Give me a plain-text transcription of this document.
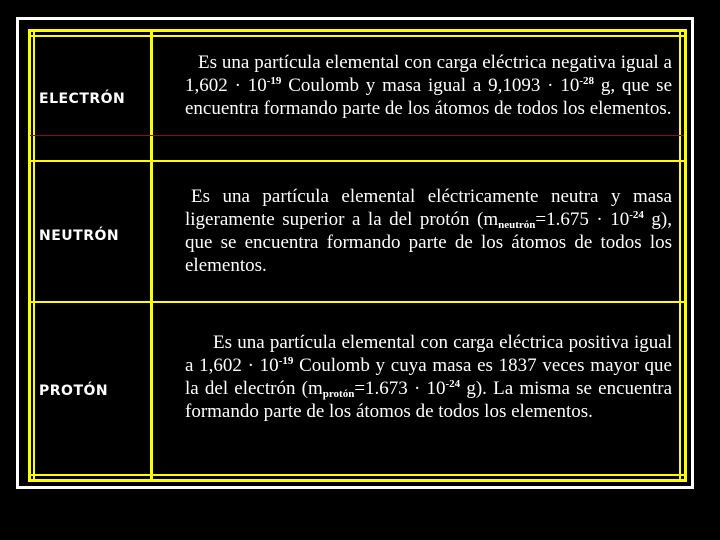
ELECTRÓN
Es una partícula elemental con carga eléctrica negativa igual a $1,602 \cdot 10^{-19}$ Coulomb y masa igual a $9,1093 \cdot 10^{-28}$ g, que se encuentra formando parte de los átomos de todos los elementos.
NEUTRÓN
Es una partícula elemental eléctricamente neutra y masa ligeramente superior a la del protón ($m_{neutrón}=1.675 \cdot 10^{-24}$ g), que se encuentra formando parte de los átomos de todos los elementos.
PROTÓN
Es una partícula elemental con carga eléctrica positiva igual a $1,602 \cdot 10^{-19}$ Coulomb y cuya masa es 1837 veces mayor que la del electrón ($m_{protón}=1.673 \cdot 10^{-24}$ g). La misma se encuentra formando parte de los átomos de todos los elementos.
